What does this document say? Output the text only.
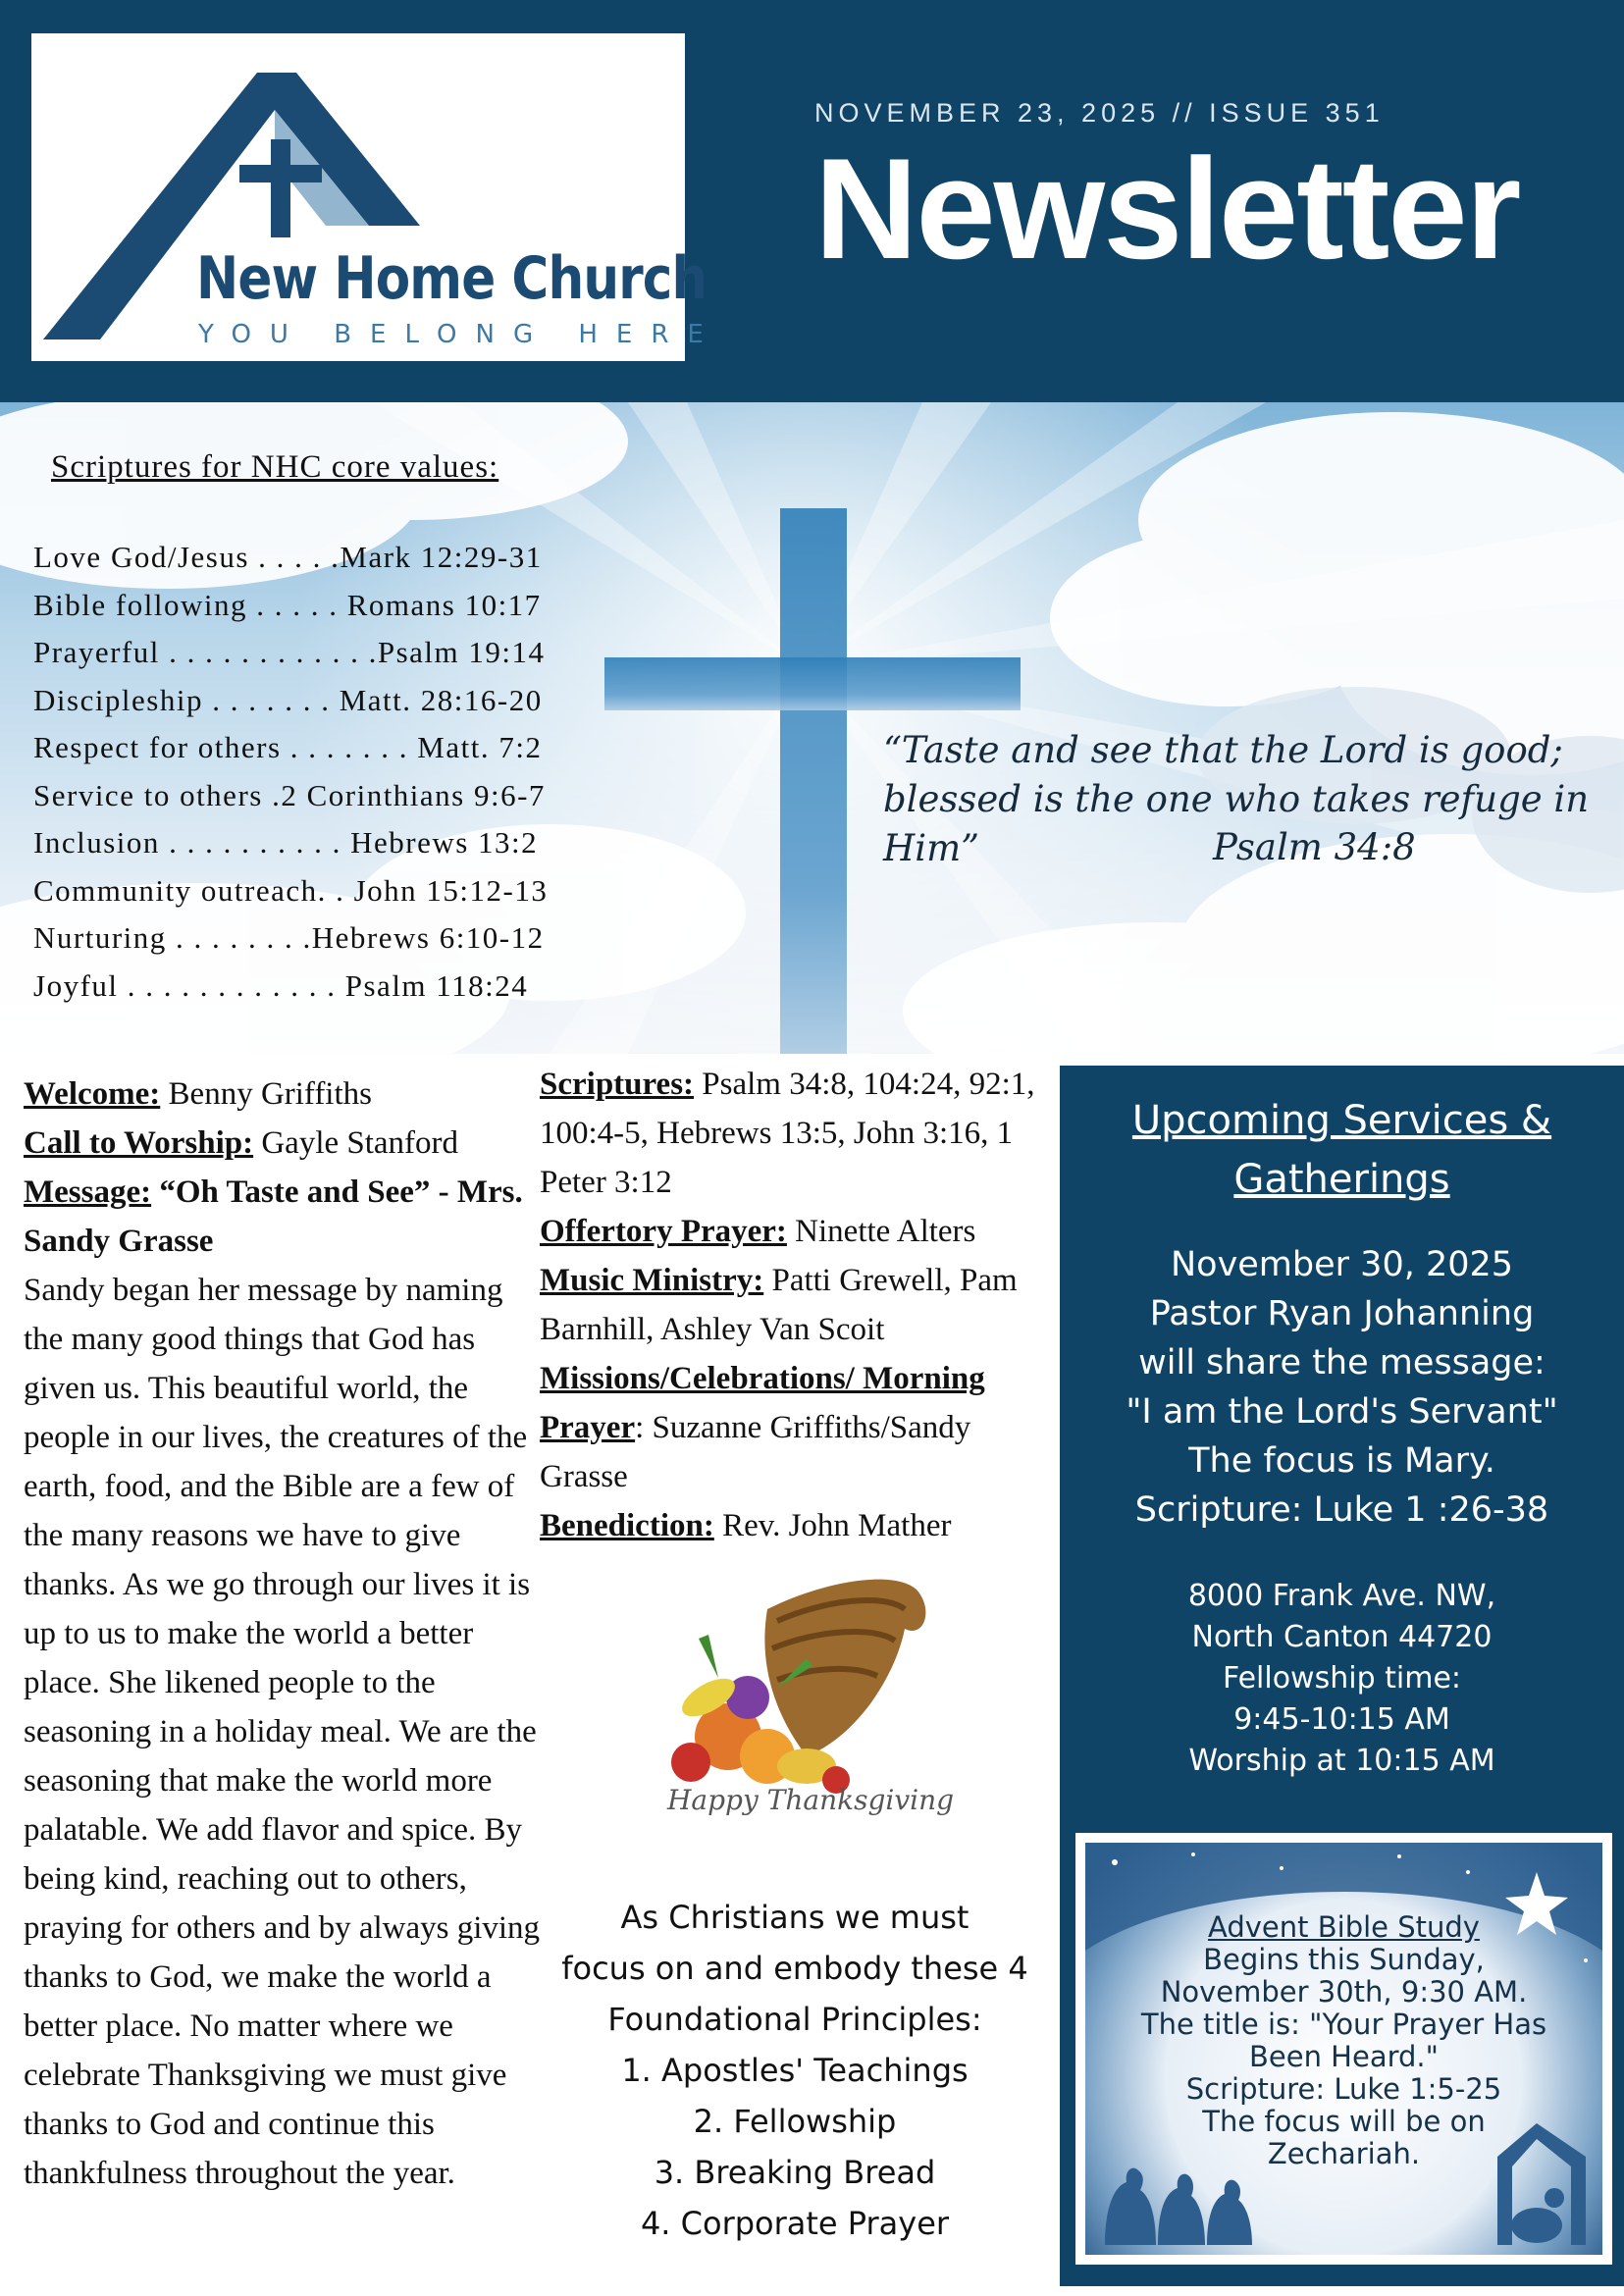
New Home Church
YOU BELONG HERE
NOVEMBER 23, 2025 // ISSUE 351
Newsletter
Scriptures for NHC core values:
Love God/Jesus . . . . .Mark 12:29-31
Bible following . . . . . Romans 10:17
Prayerful . . . . . . . . . . . .Psalm 19:14
Discipleship . . . . . . . Matt. 28:16-20
Respect for others . . . . . . . Matt. 7:2
Service to others .2 Corinthians 9:6-7
Inclusion . . . . . . . . . . Hebrews 13:2
Community outreach. . John 15:12-13
Nurturing . . . . . . . .Hebrews 6:10-12
Joyful . . . . . . . . . . . . Psalm 118:24
“Taste and see that the Lord is good; blessed is the one who takes refuge in Him”	Psalm 34:8
Welcome: Benny Griffiths
Call to Worship: Gayle Stanford
Message: “Oh Taste and See” - Mrs. Sandy Grasse
Sandy began her message by naming the many good things that God has given us. This beautiful world, the people in our lives, the creatures of the earth, food, and the Bible are a few of the many reasons we have to give thanks. As we go through our lives it is up to us to make the world a better place. She likened people to the seasoning in a holiday meal. We are the seasoning that make the world more palatable. We add flavor and spice. By being kind, reaching out to others, praying for others and by always giving thanks to God, we make the world a better place. No matter where we celebrate Thanksgiving we must give thanks to God and continue this thankfulness throughout the year.
Scriptures: Psalm 34:8, 104:24, 92:1, 100:4-5, Hebrews 13:5, John 3:16, 1 Peter 3:12
Offertory Prayer: Ninette Alters
Music Ministry: Patti Grewell, Pam Barnhill, Ashley Van Scoit
Missions/Celebrations/ Morning Prayer: Suzanne Griffiths/Sandy Grasse
Benediction: Rev. John Mather
Happy Thanksgiving
As Christians we must
focus on and embody these 4
Foundational Principles:
1. Apostles' Teachings
2. Fellowship
3. Breaking Bread
4. Corporate Prayer
Upcoming Services & Gatherings
November 30, 2025
Pastor Ryan Johanning
will share the message:
"I am the Lord's Servant"
The focus is Mary.
Scripture: Luke 1 :26-38
8000 Frank Ave. NW,
North Canton 44720
Fellowship time:
9:45-10:15 AM
Worship at 10:15 AM
Advent Bible Study
Begins this Sunday,
November 30th, 9:30 AM.
The title is: "Your Prayer Has
Been Heard."
Scripture: Luke 1:5-25
The focus will be on
Zechariah.
